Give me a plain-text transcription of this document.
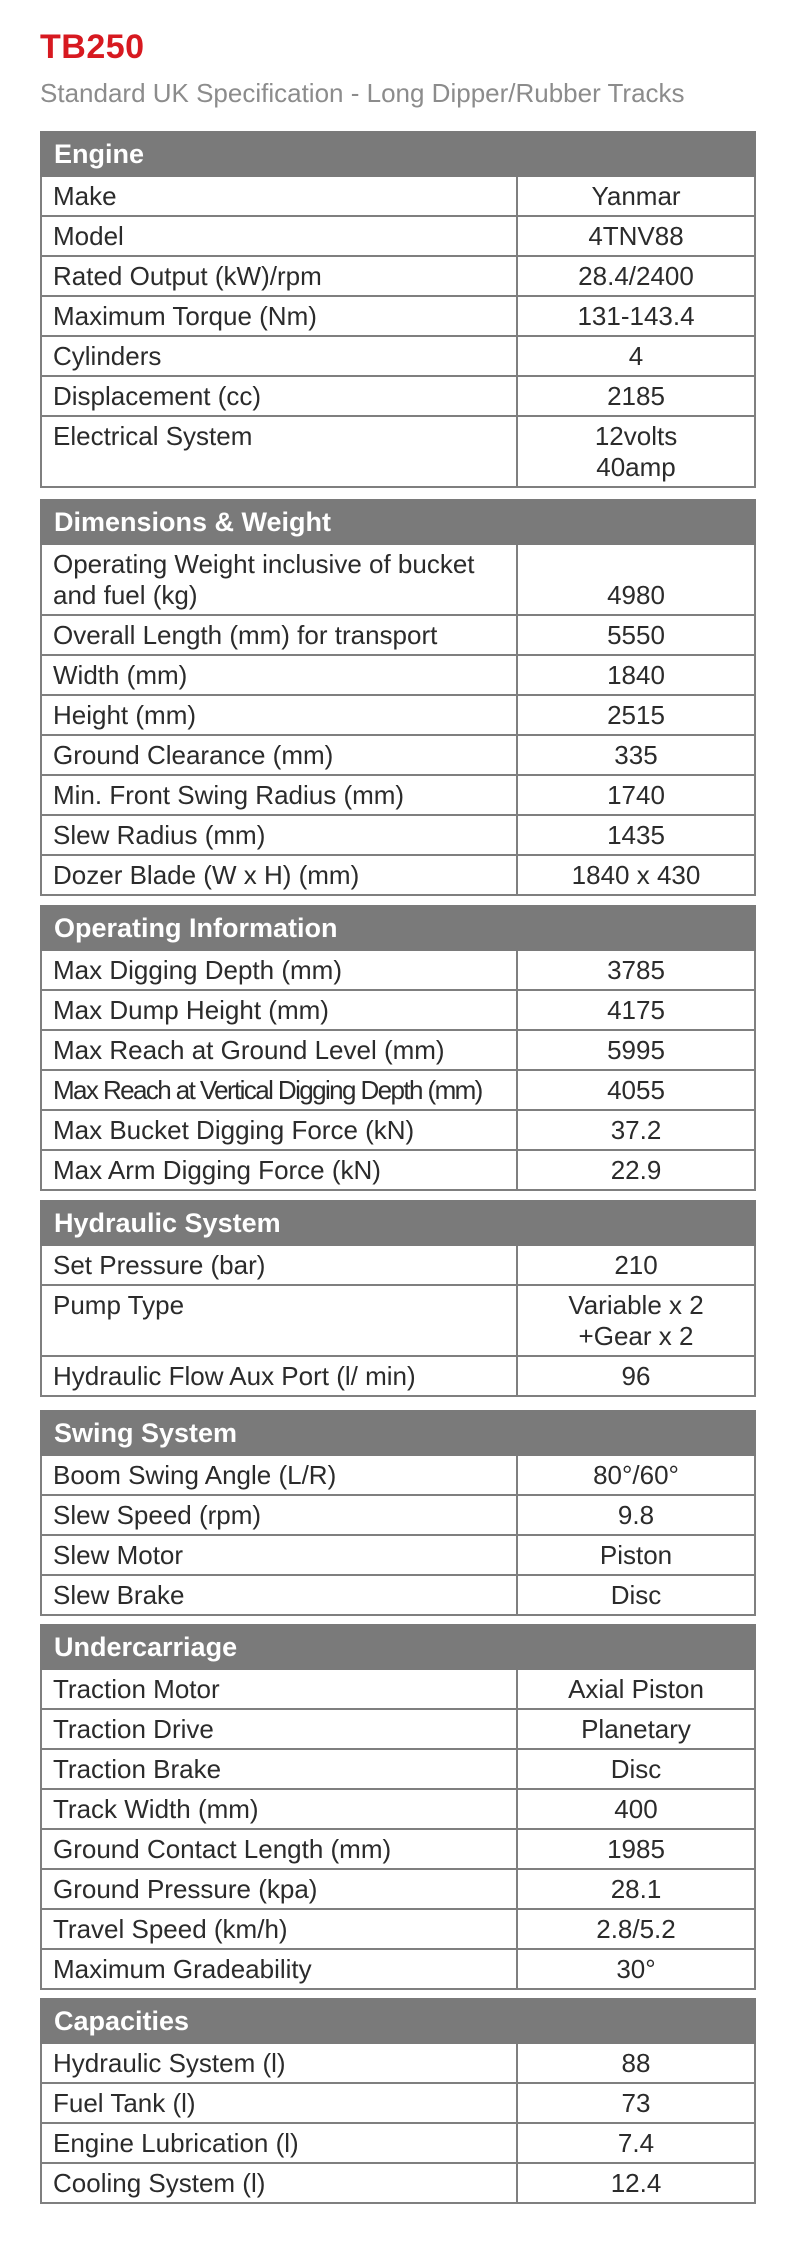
TB250

Standard UK Specification - Long Dipper/Rubber Tracks

Engine	
Make	Yanmar
Model	4TNV88
Rated Output (kW)/rpm	28.4/2400
Maximum Torque (Nm)	131-143.4
Cylinders	4
Displacement (cc)	2185
Electrical System	12volts
40amp
Dimensions & Weight	
Operating Weight inclusive of bucket and fuel (kg)	4980
Overall Length (mm) for transport	5550
Width (mm)	1840
Height (mm)	2515
Ground Clearance (mm)	335
Min. Front Swing Radius (mm)	1740
Slew Radius (mm)	1435
Dozer Blade (W x H) (mm)	1840 x 430
Operating Information	
Max Digging Depth (mm)	3785
Max Dump Height (mm)	4175
Max Reach at Ground Level (mm)	5995
Max Reach at Vertical Digging Depth (mm)	4055
Max Bucket Digging Force (kN)	37.2
Max Arm Digging Force (kN)	22.9
Hydraulic System	
Set Pressure (bar)	210
Pump Type	Variable x 2
+Gear x 2
Hydraulic Flow Aux Port (l/ min)	96
Swing System	
Boom Swing Angle (L/R)	80°/60°
Slew Speed (rpm)	9.8
Slew Motor	Piston
Slew Brake	Disc
Undercarriage	
Traction Motor	Axial Piston
Traction Drive	Planetary
Traction Brake	Disc
Track Width (mm)	400
Ground Contact Length (mm)	1985
Ground Pressure (kpa)	28.1
Travel Speed (km/h)	2.8/5.2
Maximum Gradeability	30°
Capacities	
Hydraulic System (l)	88
Fuel Tank (l)	73
Engine Lubrication (l)	7.4
Cooling System (l)	12.4
